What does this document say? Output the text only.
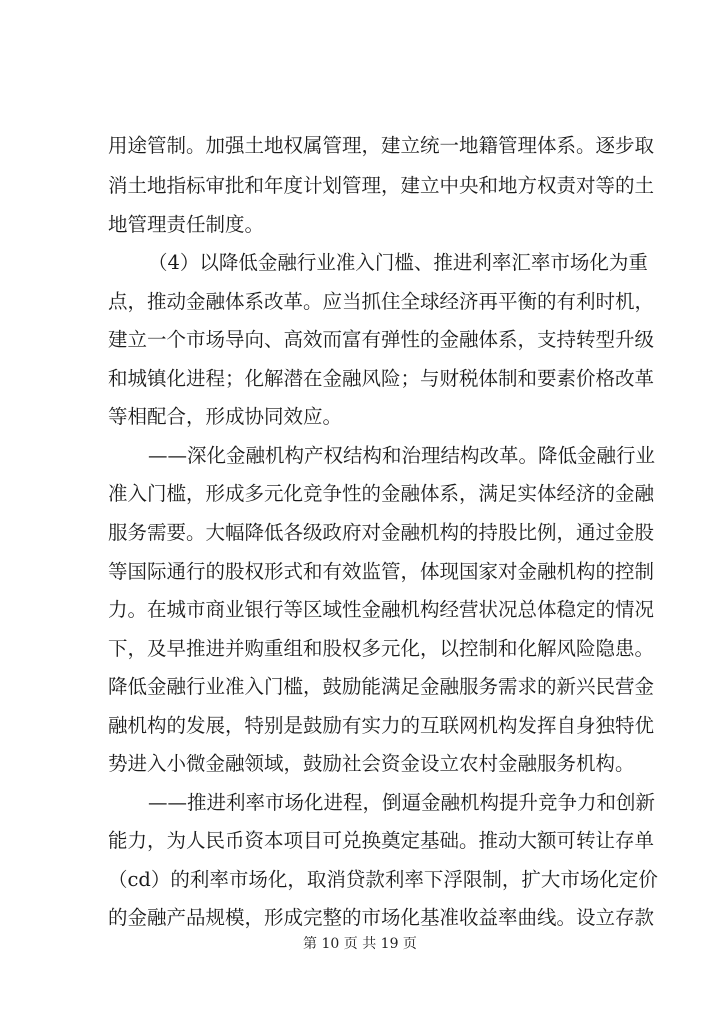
用途管制。加强土地权属管理，建立统一地籍管理体系。逐步取
消土地指标审批和年度计划管理，建立中央和地方权责对等的土
地管理责任制度。
（4）以降低金融行业准入门槛、推进利率汇率市场化为重
点，推动金融体系改革。应当抓住全球经济再平衡的有利时机，
建立一个市场导向、高效而富有弹性的金融体系，支持转型升级
和城镇化进程；化解潜在金融风险；与财税体制和要素价格改革
等相配合，形成协同效应。
——深化金融机构产权结构和治理结构改革。降低金融行业
准入门槛，形成多元化竞争性的金融体系，满足实体经济的金融
服务需要。大幅降低各级政府对金融机构的持股比例，通过金股
等国际通行的股权形式和有效监管，体现国家对金融机构的控制
力。在城市商业银行等区域性金融机构经营状况总体稳定的情况
下，及早推进并购重组和股权多元化，以控制和化解风险隐患。
降低金融行业准入门槛，鼓励能满足金融服务需求的新兴民营金
融机构的发展，特别是鼓励有实力的互联网机构发挥自身独特优
势进入小微金融领域，鼓励社会资金设立农村金融服务机构。
——推进利率市场化进程，倒逼金融机构提升竞争力和创新
能力，为人民币资本项目可兑换奠定基础。推动大额可转让存单
（cd）的利率市场化，取消贷款利率下浮限制，扩大市场化定价
的金融产品规模，形成完整的市场化基准收益率曲线。设立存款
第 10 页 共 19 页
